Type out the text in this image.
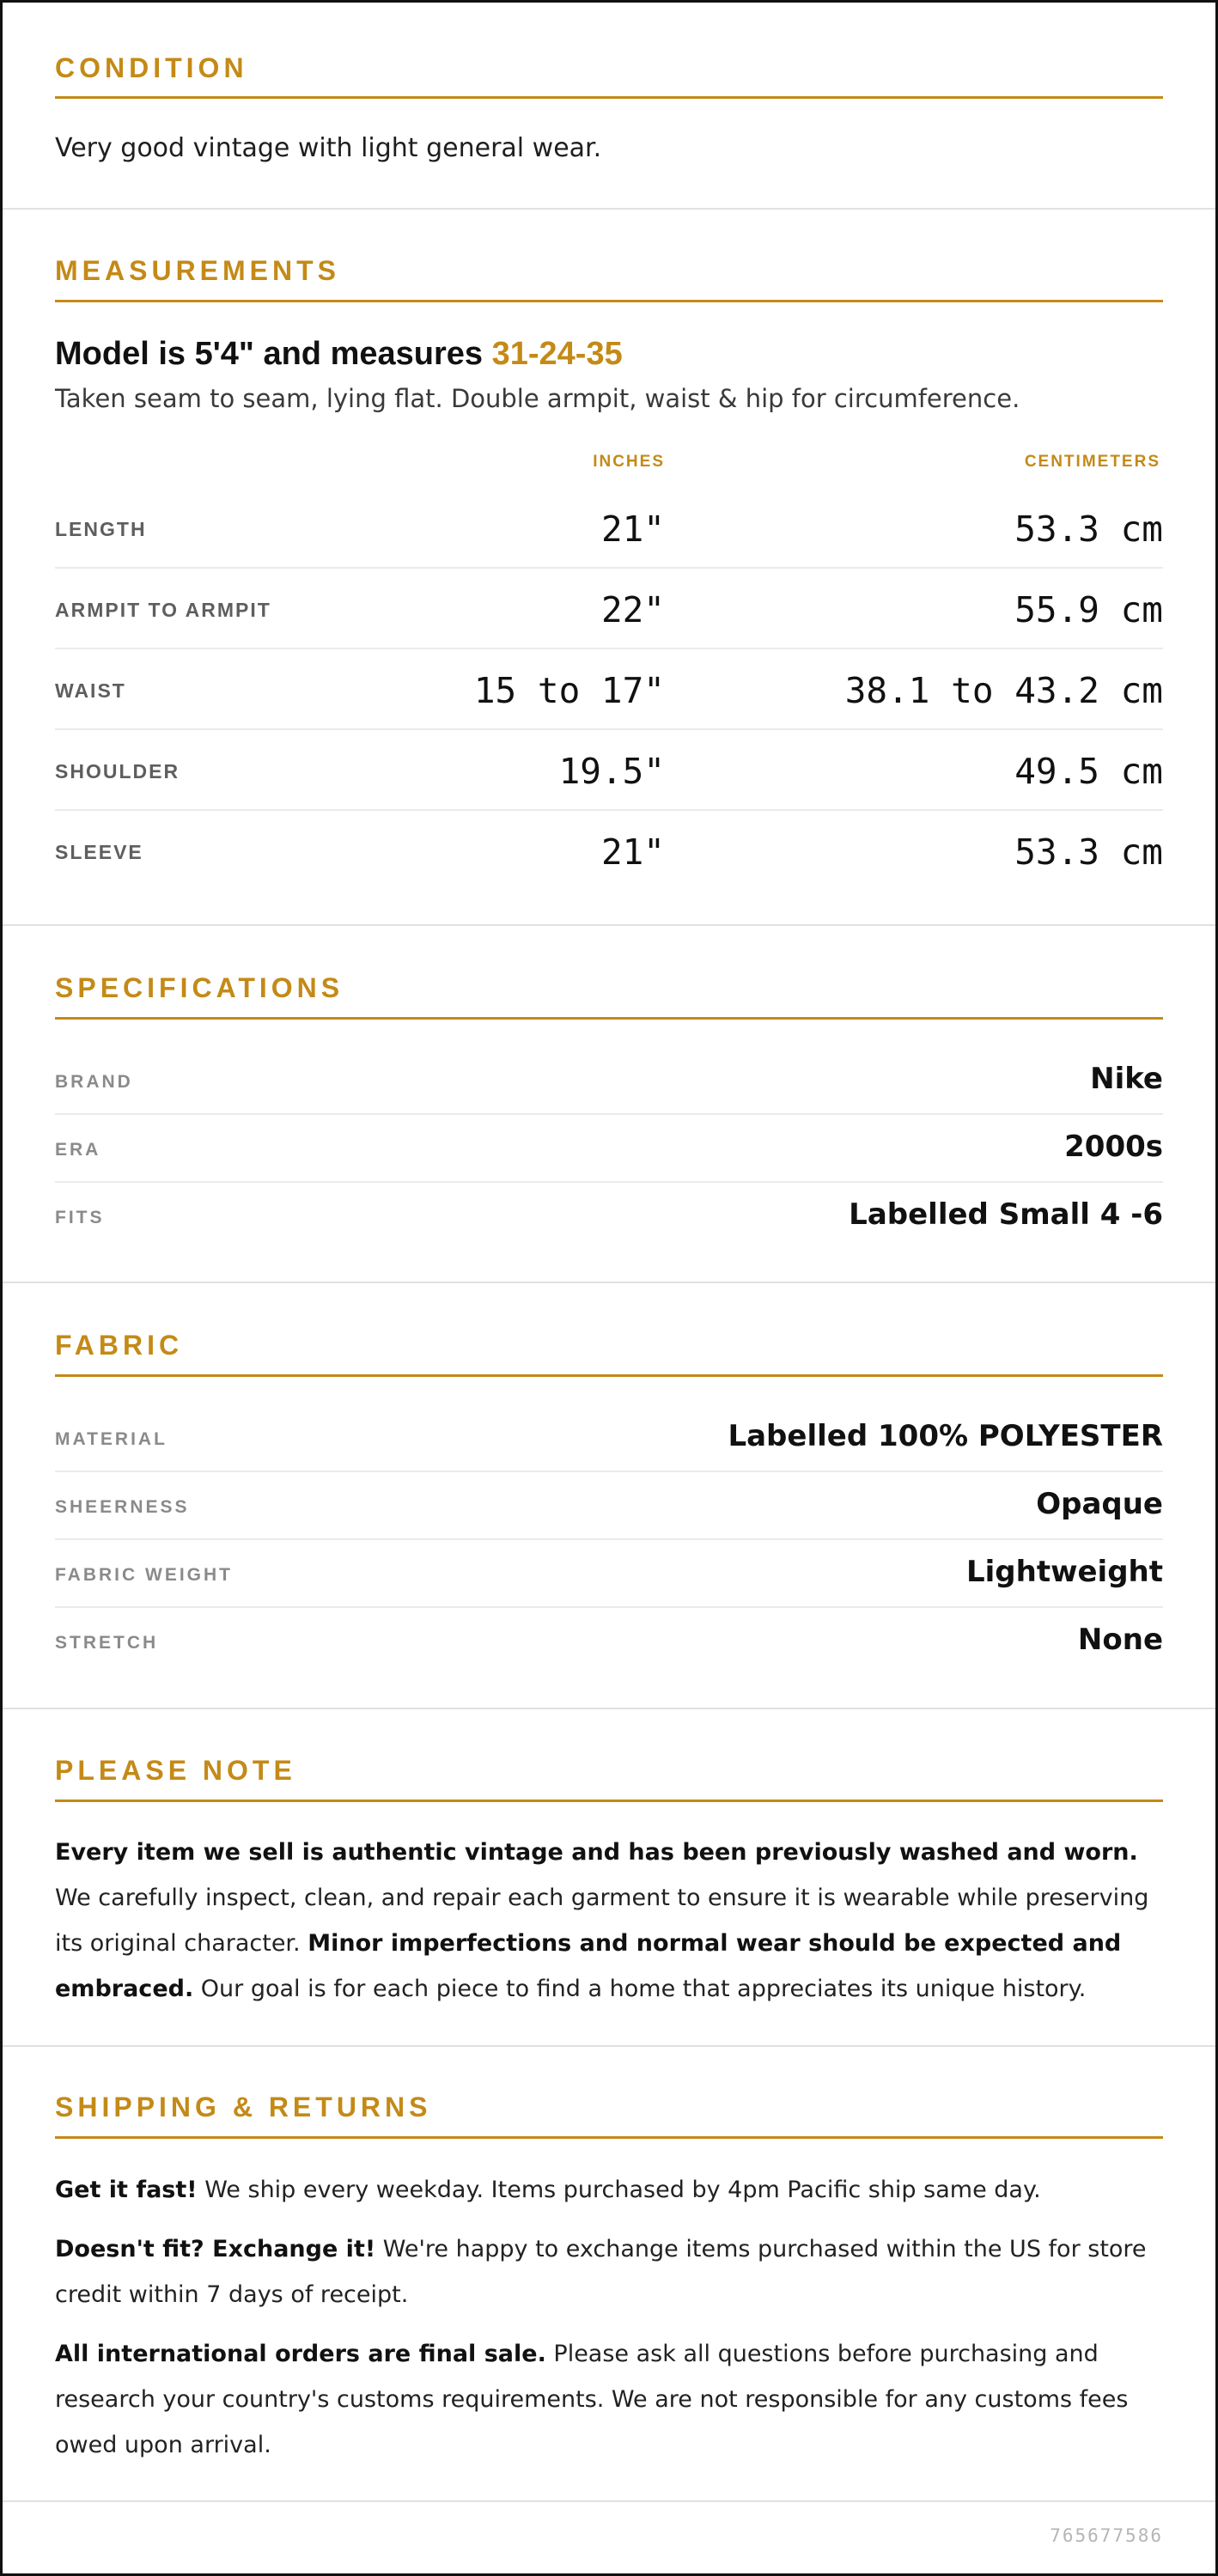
CONDITION
Very good vintage with light general wear.
MEASUREMENTS
Model is 5'4" and measures 31-24-35
Taken seam to seam, lying flat. Double armpit, waist & hip for circumference.
INCHES	CENTIMETERS
LENGTH	21"	53.3 cm
ARMPIT TO ARMPIT	22"	55.9 cm
WAIST	15 to 17"	38.1 to 43.2 cm
SHOULDER	19.5"	49.5 cm
SLEEVE	21"	53.3 cm
SPECIFICATIONS
BRAND	Nike
ERA	2000s
FITS	Labelled Small 4 -6
FABRIC
MATERIAL	Labelled 100% POLYESTER
SHEERNESS	Opaque
FABRIC WEIGHT	Lightweight
STRETCH	None
PLEASE NOTE
Every item we sell is authentic vintage and has been previously washed and worn. We carefully inspect, clean, and repair each garment to ensure it is wearable while preserving its original character. Minor imperfections and normal wear should be expected and embraced. Our goal is for each piece to find a home that appreciates its unique history.
SHIPPING & RETURNS
Get it fast! We ship every weekday. Items purchased by 4pm Pacific ship same day.
Doesn't fit? Exchange it! We're happy to exchange items purchased within the US for store credit within 7 days of receipt.
All international orders are final sale. Please ask all questions before purchasing and research your country's customs requirements. We are not responsible for any customs fees owed upon arrival.
765677586
